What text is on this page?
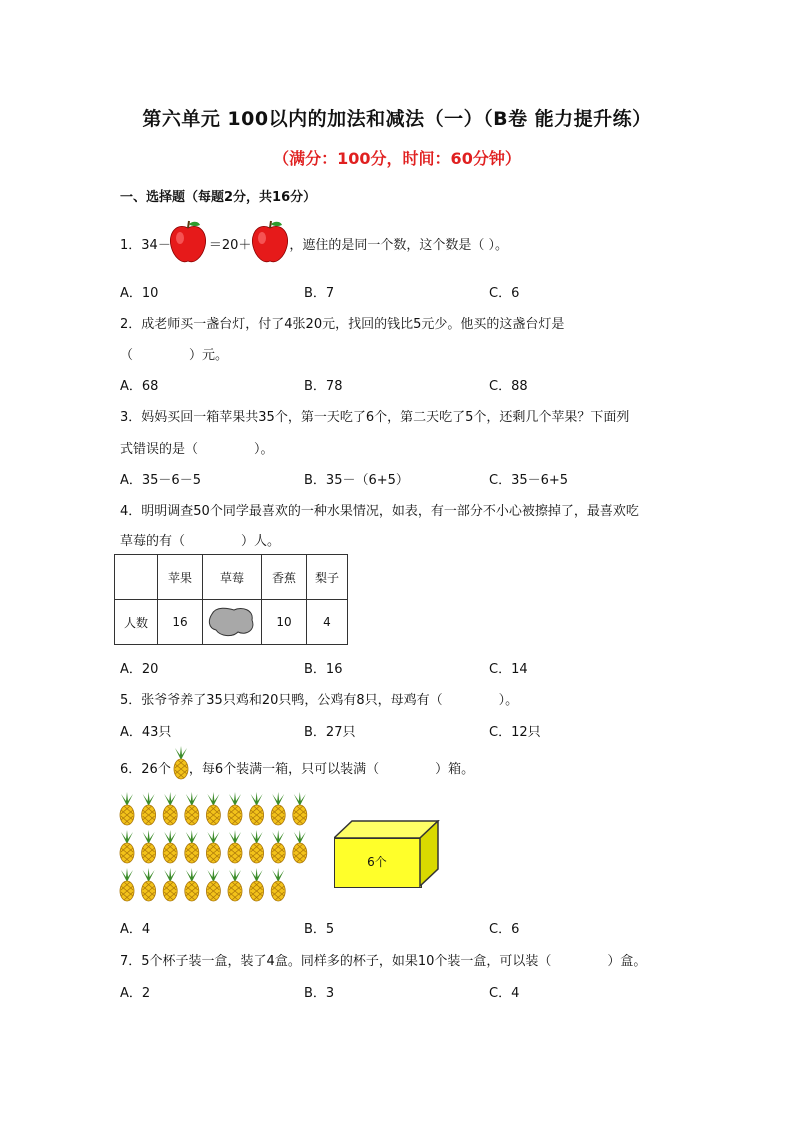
第六单元 100以内的加法和减法（一）（B卷 能力提升练）
（满分：100分，时间：60分钟）
一、选择题（每题2分，共16分）
1．34－	＝20＋	，遮住的是同一个数，这个数是（ ）。
A．10	B．7	C．6
2．成老师买一盏台灯，付了4张20元，找回的钱比5元少。他买的这盏台灯是
（	）元。
A．68	B．78	C．88
3．妈妈买回一箱苹果共35个，第一天吃了6个，第二天吃了5个，还剩几个苹果？下面列
式错误的是（	）。
A．35－6－5	B．35－（6+5）	C．35－6+5
4．明明调查50个同学最喜欢的一种水果情况，如表，有一部分不小心被擦掉了，最喜欢吃
草莓的有（	）人。
	苹果	草莓	香蕉	梨子
人数	16		10	4
A．20	B．16	C．14
5．张爷爷养了35只鸡和20只鸭，公鸡有8只，母鸡有（	）。
A．43只	B．27只	C．12只
6．26个 ，每6个装满一箱，只可以装满（	）箱。
6个
A．4	B．5	C．6
7．5个杯子装一盒，装了4盒。同样多的杯子，如果10个装一盒，可以装（	）盒。
A．2	B．3	C．4
